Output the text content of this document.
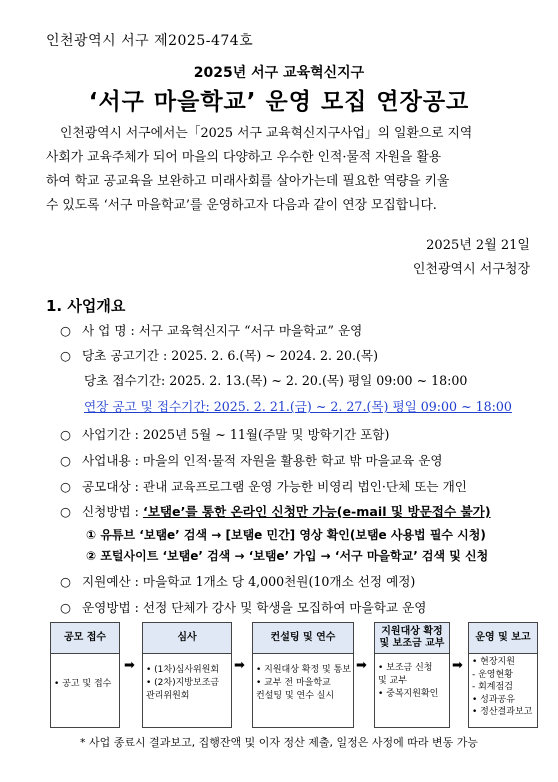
인천광역시 서구 제2025-474호
2025년 서구 교육혁신지구
‘서구 마을학교’ 운영 모집 연장공고
인천광역시 서구에서는「2025 서구 교육혁신지구사업」의 일환으로 지역
사회가 교육주체가 되어 마을의 다양하고 우수한 인적·물적 자원을 활용
하여 학교 공교육을 보완하고 미래사회를 살아가는데 필요한 역량을 키울
수 있도록 ‘서구 마을학교’를 운영하고자 다음과 같이 연장 모집합니다.
2025년 2월 21일
인천광역시 서구청장
1. 사업개요
○ 사 업 명 : 서구 교육혁신지구 “서구 마을학교” 운영
○ 당초 공고기간 : 2025. 2. 6.(목) ~ 2024. 2. 20.(목)
당초 접수기간: 2025. 2. 13.(목) ~ 2. 20.(목) 평일 09:00 ~ 18:00
연장 공고 및 접수기간: 2025. 2. 21.(금) ~ 2. 27.(목) 평일 09:00 ~ 18:00
○ 사업기간 : 2025년 5월 ~ 11월(주말 및 방학기간 포함)
○ 사업내용 : 마을의 인적·물적 자원을 활용한 학교 밖 마을교육 운영
○ 공모대상 : 관내 교육프로그램 운영 가능한 비영리 법인·단체 또는 개인
○ 신청방법 : ‘보탬e’를 통한 온라인 신청만 가능(e-mail 및 방문접수 불가)
① 유튜브 ‘보탬e’ 검색 → [보탬e 민간] 영상 확인(보탬e 사용법 필수 시청)
② 포털사이트 ‘보탬e’ 검색 → ‘보탬e’ 가입 → ‘서구 마을학교’ 검색 및 신청
○ 지원예산 : 마을학교 1개소 당 4,000천원(10개소 선정 예정)
○ 운영방법 : 선정 단체가 강사 및 학생을 모집하여 마을학교 운영
공모 접수
• 공고 및 접수
➡
심사
• (1차)심사위원회
• (2차)지방보조금
관리위원회
➡
컨설팅 및 연수
• 지원대상 확정 및 통보
• 교부 전 마을학교
컨설팅 및 연수 실시
➡
지원대상 확정 및 보조금 교부
• 보조금 신청
및 교부
• 중복지원확인
➡
운영 및 보고
• 현장지원
- 운영현황
- 회계점검
• 성과공유
• 정산결과보고
* 사업 종료시 결과보고, 집행잔액 및 이자 정산 제출, 일정은 사정에 따라 변동 가능
